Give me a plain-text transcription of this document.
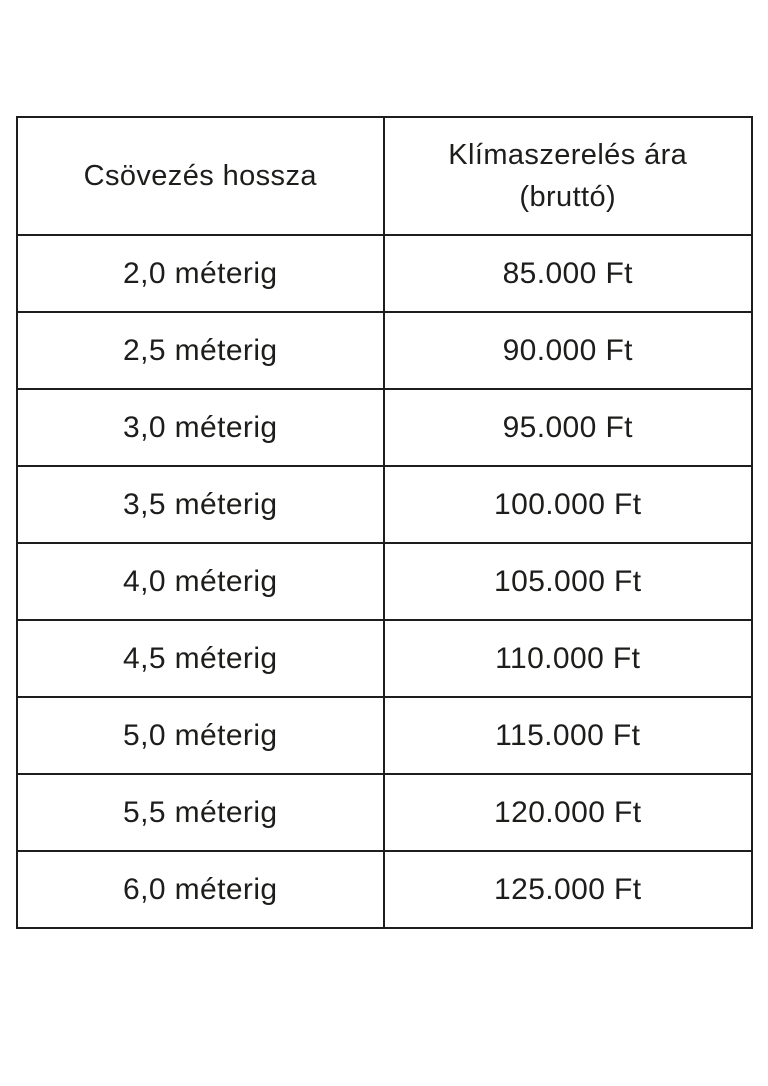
Csövezés hossza	Klímaszerelés ára (bruttó)
2,0 méterig	85.000 Ft
2,5 méterig	90.000 Ft
3,0 méterig	95.000 Ft
3,5 méterig	100.000 Ft
4,0 méterig	105.000 Ft
4,5 méterig	110.000 Ft
5,0 méterig	115.000 Ft
5,5 méterig	120.000 Ft
6,0 méterig	125.000 Ft
